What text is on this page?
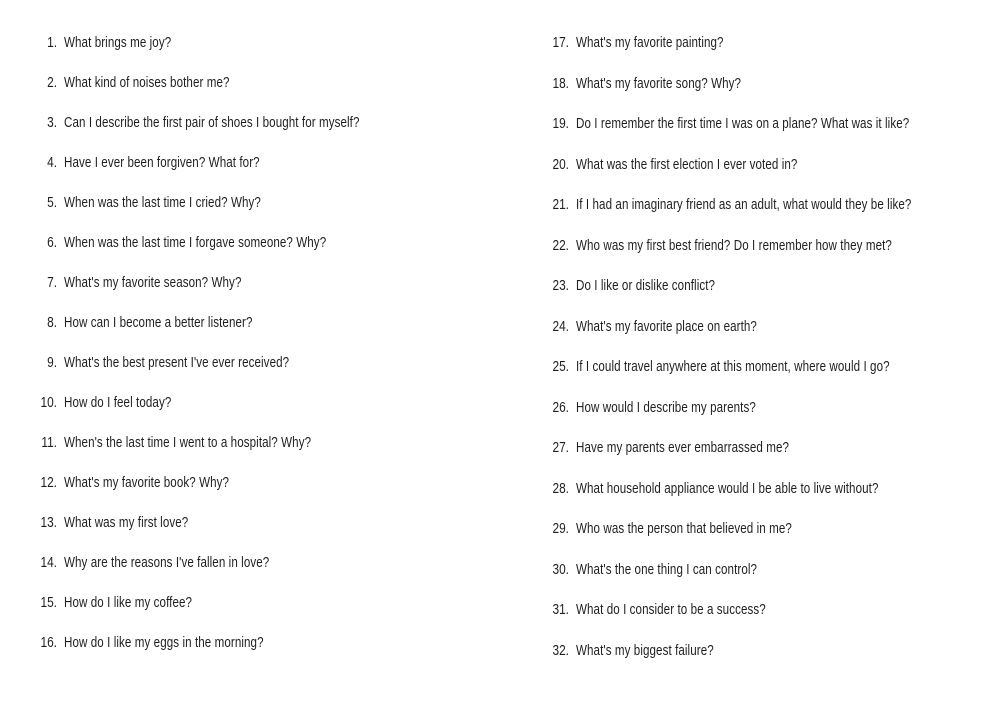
1. What brings me joy?
2. What kind of noises bother me?
3. Can I describe the first pair of shoes I bought for myself?
4. Have I ever been forgiven? What for?
5. When was the last time I cried? Why?
6. When was the last time I forgave someone? Why?
7. What's my favorite season? Why?
8. How can I become a better listener?
9. What's the best present I've ever received?
10. How do I feel today?
11. When's the last time I went to a hospital? Why?
12. What's my favorite book? Why?
13. What was my first love?
14. Why are the reasons I've fallen in love?
15. How do I like my coffee?
16. How do I like my eggs in the morning?
17. What's my favorite painting?
18. What's my favorite song? Why?
19. Do I remember the first time I was on a plane? What was it like?
20. What was the first election I ever voted in?
21. If I had an imaginary friend as an adult, what would they be like?
22. Who was my first best friend? Do I remember how they met?
23. Do I like or dislike conflict?
24. What's my favorite place on earth?
25. If I could travel anywhere at this moment, where would I go?
26. How would I describe my parents?
27. Have my parents ever embarrassed me?
28. What household appliance would I be able to live without?
29. Who was the person that believed in me?
30. What's the one thing I can control?
31. What do I consider to be a success?
32. What's my biggest failure?
